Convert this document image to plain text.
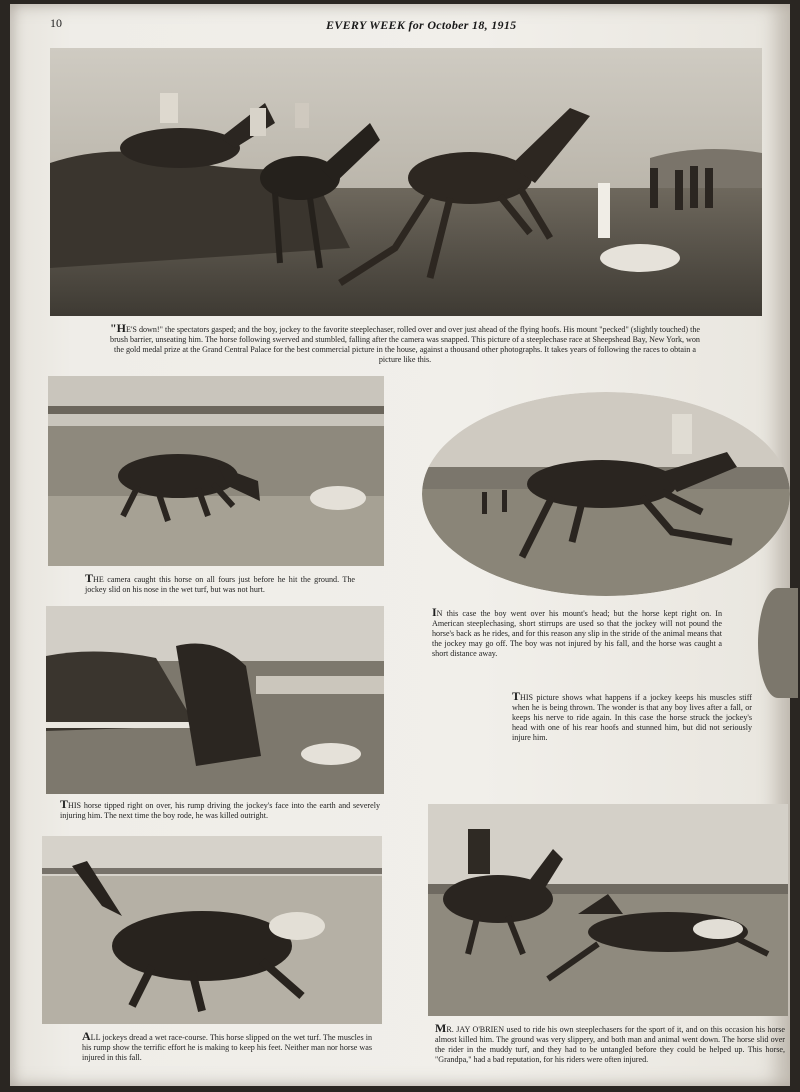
10	EVERY WEEK for October 18, 1915

"HE'S down!" the spectators gasped; and the boy, jockey to the favorite steeplechaser, rolled over and over just ahead of the flying hoofs. His mount "pecked" (slightly touched) the brush barrier, unseating him. The horse following swerved and stumbled, falling after the camera was snapped. This picture of a steeplechase race at Sheepshead Bay, New York, won the gold medal prize at the Grand Central Palace for the best commercial picture in the house, against a thousand other photographs. It takes years of following the races to obtain a picture like this.

THE camera caught this horse on all fours just before he hit the ground. The jockey slid on his nose in the wet turf, but was not hurt.

THIS horse tipped right on over, his rump driving the jockey's face into the earth and severely injuring him. The next time the boy rode, he was killed outright.

ALL jockeys dread a wet race-course. This horse slipped on the wet turf. The muscles in his rump show the terrific effort he is making to keep his feet. Neither man nor horse was injured in this fall.

IN this case the boy went over his mount's head; but the horse kept right on. In American steeplechasing, short stirrups are used so that the jockey will not pound the horse's back as he rides, and for this reason any slip in the stride of the animal means that the jockey may go off. The boy was not injured by his fall, and the horse was caught a short distance away.

THIS picture shows what happens if a jockey keeps his muscles stiff when he is being thrown. The wonder is that any boy lives after a fall, or keeps his nerve to ride again. In this case the horse struck the jockey's head with one of his rear hoofs and stunned him, but did not seriously injure him.

MR. JAY O'BRIEN used to ride his own steeplechasers for the sport of it, and on this occasion his horse almost killed him. The ground was very slippery, and both man and animal went down. The horse slid over the rider in the muddy turf, and they had to be untangled before they could be helped up. This horse, "Grandpa," had a bad reputation, for his riders were often injured.
